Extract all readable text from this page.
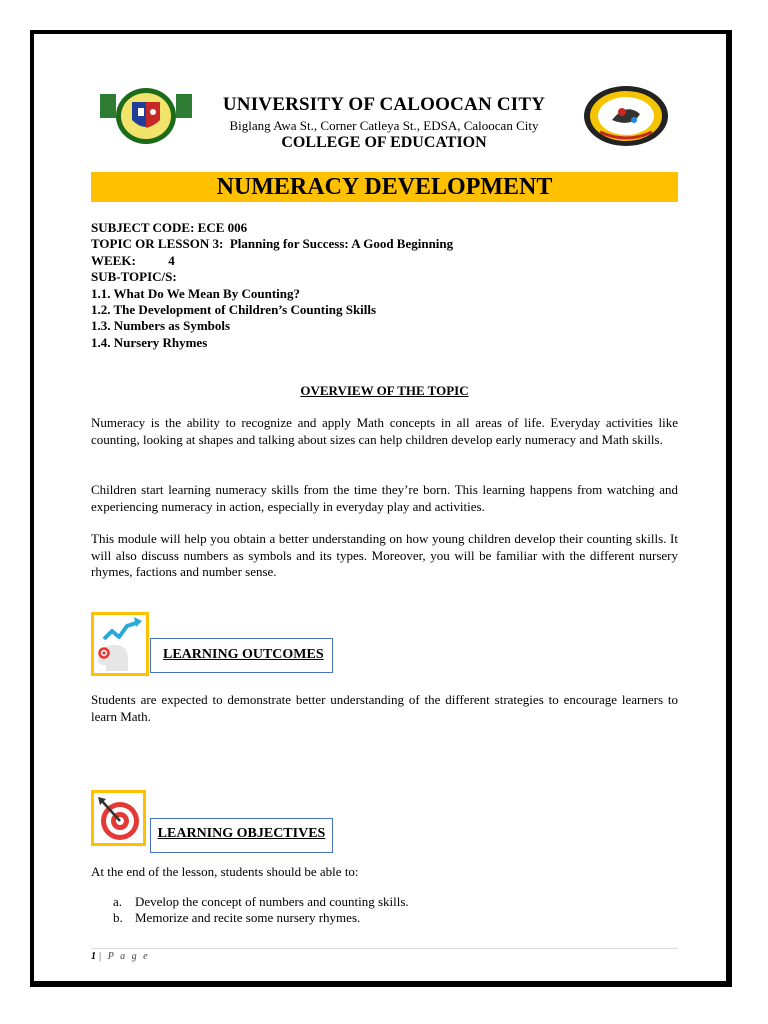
UNIVERSITY OF CALOOCAN CITY
Biglang Awa St., Corner Catleya St., EDSA, Caloocan City
COLLEGE OF EDUCATION
NUMERACY DEVELOPMENT
SUBJECT CODE: ECE 006
TOPIC OR LESSON 3:  Planning for Success: A Good Beginning
WEEK:          4
SUB-TOPIC/S:
1.1. What Do We Mean By Counting?
1.2. The Development of Children’s Counting Skills
1.3. Numbers as Symbols
1.4. Nursery Rhymes
OVERVIEW OF THE TOPIC
Numeracy is the ability to recognize and apply Math concepts in all areas of life. Everyday activities like counting, looking at shapes and talking about sizes can help children develop early numeracy and Math skills.
Children start learning numeracy skills from the time they’re born. This learning happens from watching and experiencing numeracy in action, especially in everyday play and activities.
This module will help you obtain a better understanding on how young children develop their counting skills. It will also discuss numbers as symbols and its types. Moreover, you will be familiar with the different nursery rhymes, factions and number sense.
LEARNING OUTCOMES
Students are expected to demonstrate better understanding of the different strategies to encourage learners to learn Math.
LEARNING OBJECTIVES
At the end of the lesson, students should be able to:
a. Develop the concept of numbers and counting skills.
b. Memorize and recite some nursery rhymes.
1 | P a g e
